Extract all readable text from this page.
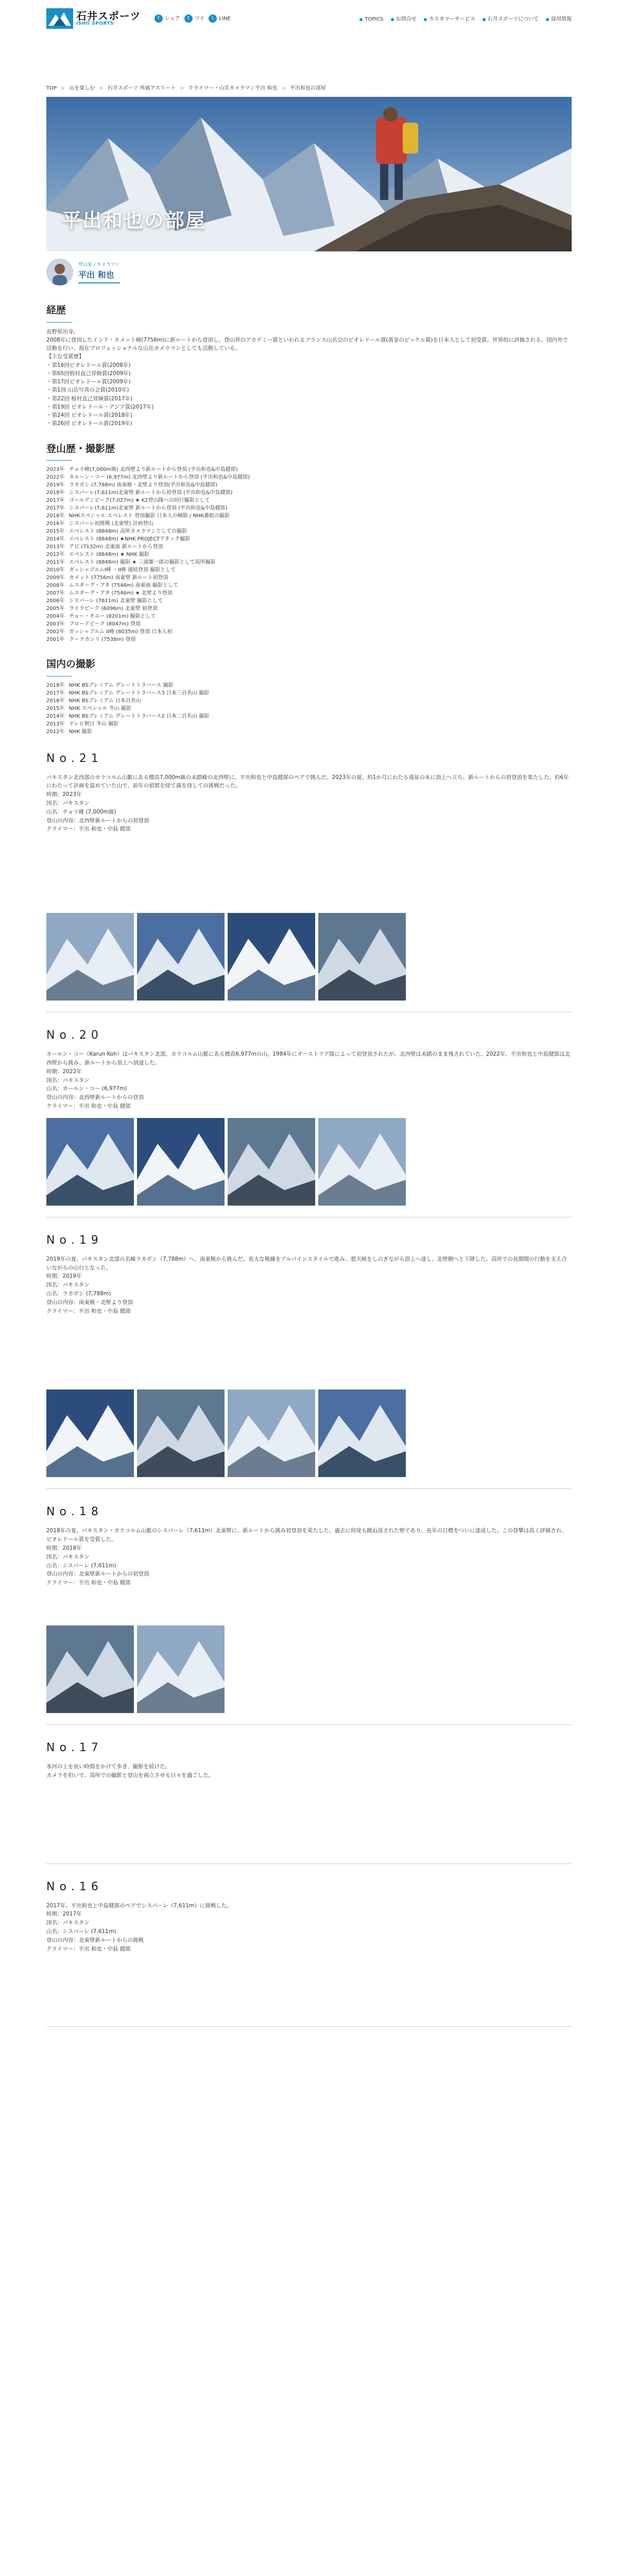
石井スポーツ
ISHII SPORTS
f	シェア	t	ツイ	L LINE	TOPICS お問合せ カスタマーサービス 石井スポーツについて 採用情報
TOP > 山を楽しむ > 石井スポーツ 所属アスリート > クライマー・山岳カメラマン平出 和也 > 平出和也の部屋
平出和也の部屋
登山家 / カメラマン
平出 和也
経歴
長野県出身。
2008年に登頂したインド・カメット峰(7756m)に新ルートから登頂し、登山界のアカデミー賞といわれるフランス山岳会のピオレドール賞(黄金のピッケル賞)を日本人として初受賞。世界的に評価される。国内外で活動を行い、現在プロフェッショナルな山岳カメラマンとしても活動している。
【主な受賞歴】
・第16回ピオレドール賞(2008年)
・第65回植村直己冒険賞(2009年)
・第17回ピオレドール賞(2009年)
・第1回 山岳写真の会賞(2010年)
・第22回 植村直己冒険賞(2017年)
・第19回 ピオレドール・アジア賞(2017年)
・第24回 ピオレドール賞(2018年)
・第26回 ピオレドール賞(2019年)
登山歴・撮影歴
2023年 チョリ峰(7,000m級) 北西壁より新ルートから登頂 (平出和也&中島健郎)
2022年 カルーン・コー (6,977m) 北西壁より新ルートから登頂 (平出和也&中島健郎)
2019年 ラカポシ (7,788m) 南東稜・北壁より登頂(平出和也&中島健郎)
2018年 シスパーレ(7,611m)北東壁 新ルートから初登頂 (平出和也&中島健郎)
2017年 ゴールデンピーク(7,027m) ★ K2登山隊への同行撮影として
2017年 シスパーレ(7,611m)北東壁 新ルートから登頂 (平出和也&中島健郎)
2016年 NHKスペシャル エベレスト 登頂撮影 日本人の極限 / NHK番組の撮影
2016年 シスパーレ初挑戦 (北東壁) 計画登山
2015年 エベレスト (8848m) 高所カメラマンとしての撮影
2014年 エベレスト (8848m) ★NHK PROJECTアタック撮影
2013年 アピ (7132m) 北東面 新ルートから登頂
2012年 エベレスト (8848m) ★ NHK 撮影
2011年 エベレスト (8848m) 撮影 ★ 三浦雄一郎の撮影として高所撮影
2010年 ガッシャブルムI峰 ・II峰 連続登頂 撮影として
2009年 カメット (7756m) 南東壁 新ルート初登頂
2008年 ムスターグ・アタ (7546m) 南東面 撮影として
2007年 ムスターグ・アタ (7546m) ★ 北壁より登頂
2006年 シスパーレ (7611m) 北東壁 撮影として
2005年 ライラピーク (6096m) 北東壁 初登頂
2004年 チョー・オユー (8201m) 撮影として
2003年 ブロードピーク (8047m) 登頂
2002年 ガッシャブルム II峰 (8035m) 登頂 日本人初
2001年 クーラカンリ (7538m) 登頂
国内の撮影
2018年 NHK BSプレミアム グレートトラバース 撮影
2017年 NHK BSプレミアム グレートトラバース3 日本三百名山 撮影
2016年 NHK BSプレミアム 日本百名山
2015年 NHK スペシャル 冬山 撮影
2014年 NHK BSプレミアム グレートトラバース2 日本二百名山 撮影
2013年 テレビ朝日 冬山 撮影
2012年 NHK 撮影
N o . 2 1
パキスタン北西部のカラコルム山脈にある標高7,000m級の未踏峰の北西壁に、平出和也と中島健郎のペアで挑んだ。2023年の夏、約1か月にわたる遠征の末に頂上へ立ち、新ルートからの初登頂を果たした。約6年にわたって計画を温めていた山で、前年の偵察を経て満を持しての挑戦だった。
時期：2023年
国名：パキスタン
山名：チョリ峰 (7,000m級)
登山の内容：北西壁新ルートからの初登頂
クライマー：平出 和也・中島 健郎
N o . 2 0
カールン・コー（Karun Koh）はパキスタン北部、カラコルム山脈にある標高6,977mの山。1984年にオーストリア隊によって初登頂されたが、北西壁は未踏のまま残されていた。2022年、平出和也と中島健郎は北西壁から挑み、新ルートから頂上へ到達した。
時期：2022年
国名：パキスタン
山名：カールン・コー (6,977m)
登山の内容：北西壁新ルートからの登頂
クライマー：平出 和也・中島 健郎
N o . 1 9
2019年の夏、パキスタン北部の名峰ラカポシ（7,788m）へ、南東稜から挑んだ。長大な稜線をアルパインスタイルで進み、悪天候をしのぎながら頂上へ達し、北壁側へと下降した。高所での長期間の行動を支え合いながらの山行となった。
時期：2019年
国名：パキスタン
山名：ラカポシ (7,788m)
登山の内容：南東稜・北壁より登頂
クライマー：平出 和也・中島 健郎
N o . 1 8
2018年の夏、パキスタン・カラコルム山脈のシスパーレ（7,611m）北東壁に、新ルートから挑み初登頂を果たした。過去に何度も跳ね返された壁であり、長年の目標をついに達成した。この登攀は高く評価され、ピオレドール賞を受賞した。
時期：2018年
国名：パキスタン
山名：シスパーレ (7,611m)
登山の内容：北東壁新ルートからの初登頂
クライマー：平出 和也・中島 健郎
N o . 1 7
氷河の上を長い時間をかけて歩き、撮影を続けた。
カメラを担いで、高所での撮影と登山を両立させる日々を過ごした。
N o . 1 6
2017年、平出和也と中島健郎のペアでシスパーレ（7,611m）に挑戦した。
時期：2017年
国名：パキスタン
山名：シスパーレ (7,611m)
登山の内容：北東壁新ルートからの挑戦
クライマー：平出 和也・中島 健郎
